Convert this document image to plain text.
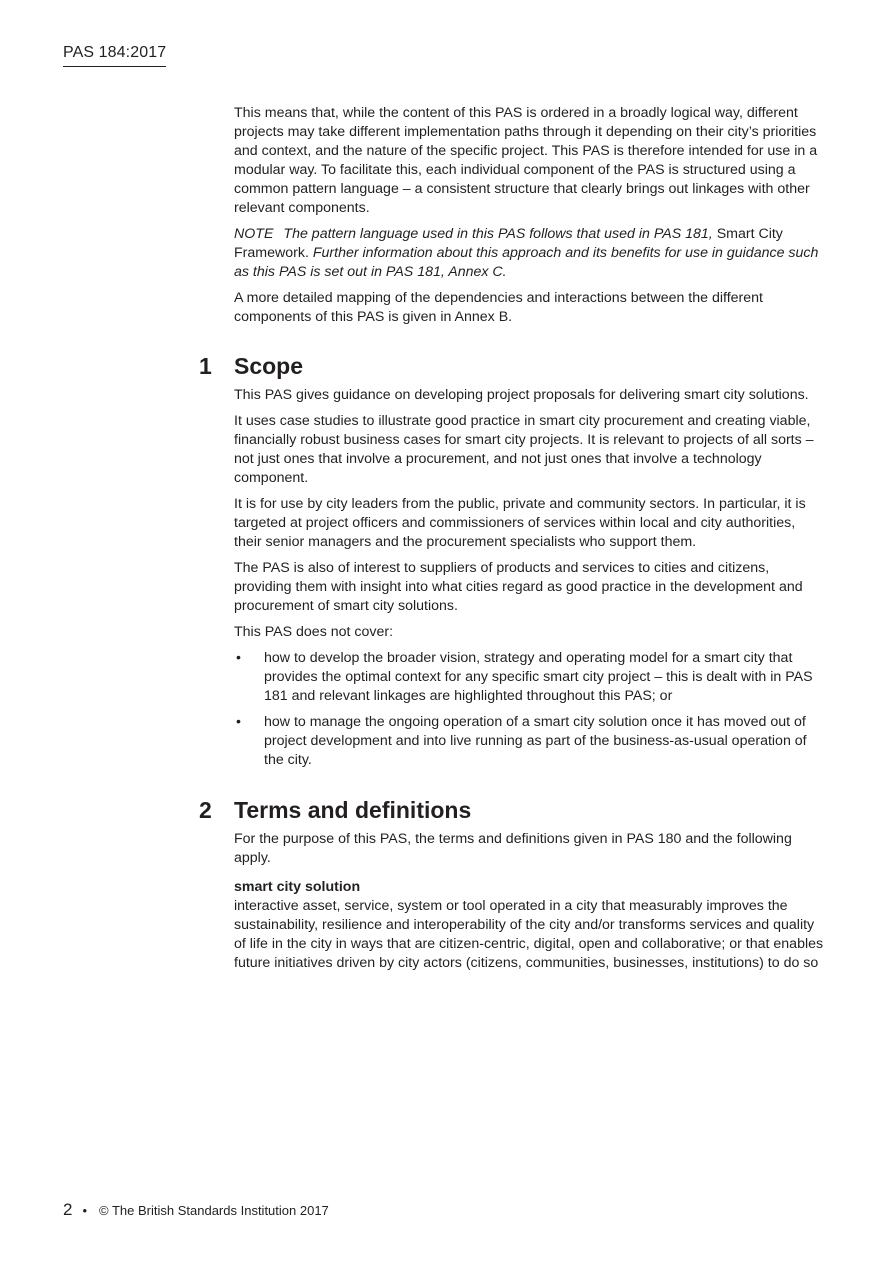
PAS 184:2017

This means that, while the content of this PAS is ordered in a broadly logical way, different projects may take different implementation paths through it depending on their city’s priorities and context, and the nature of the specific project. This PAS is therefore intended for use in a modular way. To facilitate this, each individual component of the PAS is structured using a common pattern language – a consistent structure that clearly brings out linkages with other relevant components.

NOTE The pattern language used in this PAS follows that used in PAS 181, Smart City Framework. Further information about this approach and its benefits for use in guidance such as this PAS is set out in PAS 181, Annex C.

A more detailed mapping of the dependencies and interactions between the different components of this PAS is given in Annex B.

1 Scope

This PAS gives guidance on developing project proposals for delivering smart city solutions.

It uses case studies to illustrate good practice in smart city procurement and creating viable, financially robust business cases for smart city projects. It is relevant to projects of all sorts – not just ones that involve a procurement, and not just ones that involve a technology component.

It is for use by city leaders from the public, private and community sectors. In particular, it is targeted at project officers and commissioners of services within local and city authorities, their senior managers and the procurement specialists who support them.

The PAS is also of interest to suppliers of products and services to cities and citizens, providing them with insight into what cities regard as good practice in the development and procurement of smart city solutions.

This PAS does not cover:

• how to develop the broader vision, strategy and operating model for a smart city that provides the optimal context for any specific smart city project – this is dealt with in PAS 181 and relevant linkages are highlighted throughout this PAS; or
• how to manage the ongoing operation of a smart city solution once it has moved out of project development and into live running as part of the business-as-usual operation of the city.
2 Terms and definitions

For the purpose of this PAS, the terms and definitions given in PAS 180 and the following apply.

smart city solution

interactive asset, service, system or tool operated in a city that measurably improves the sustainability, resilience and interoperability of the city and/or transforms services and quality of life in the city in ways that are citizen-centric, digital, open and collaborative; or that enables future initiatives driven by city actors (citizens, communities, businesses, institutions) to do so

2 • © The British Standards Institution 2017
